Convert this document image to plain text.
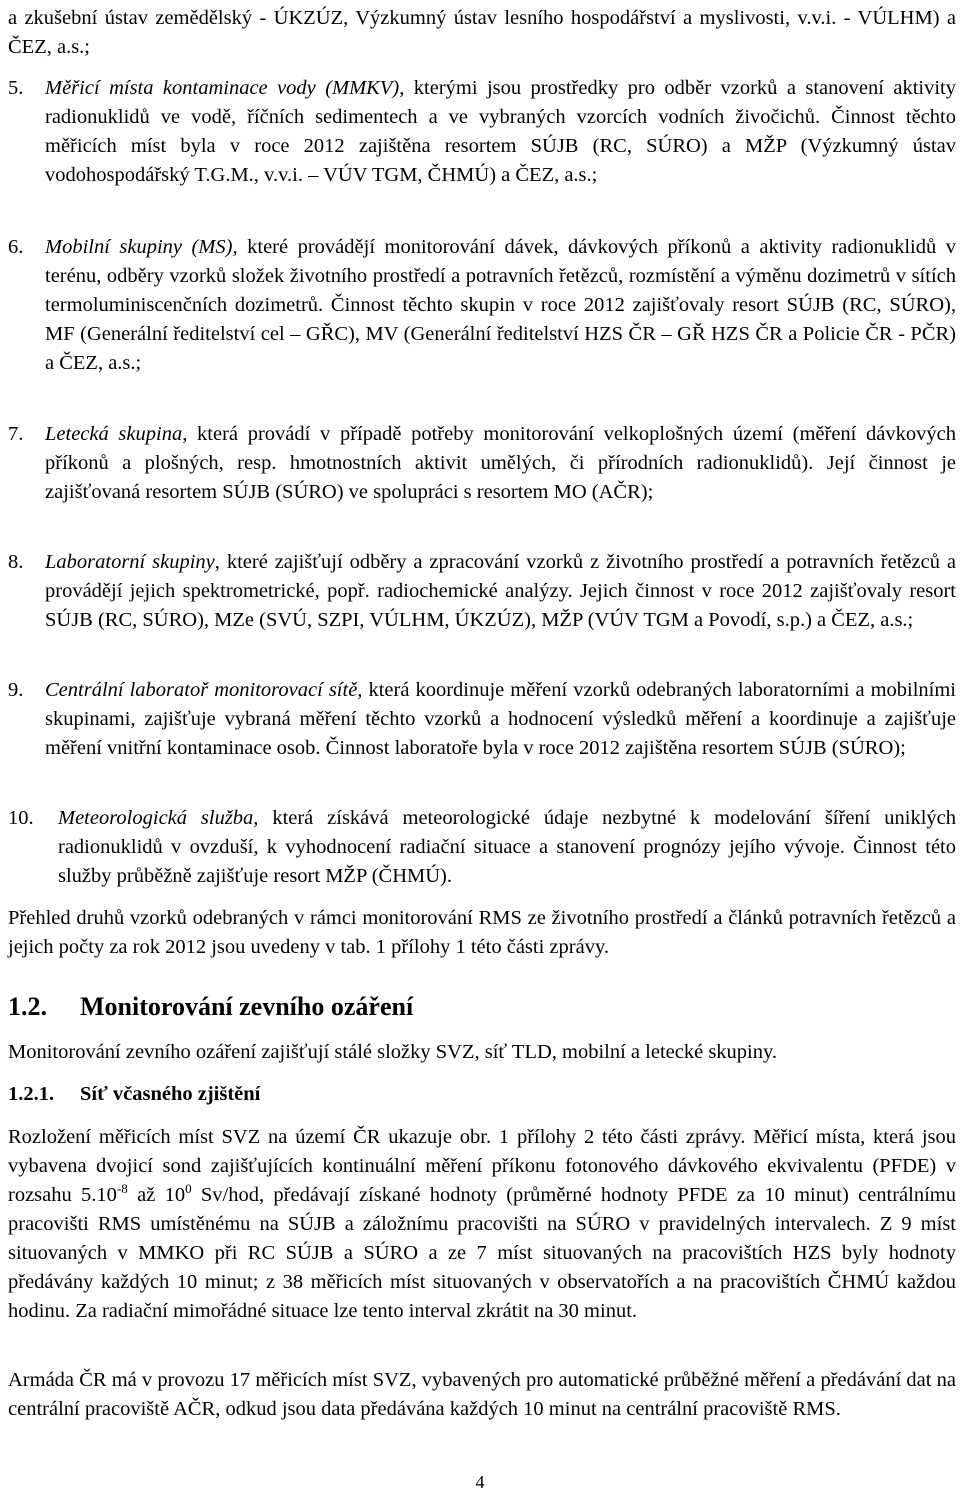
a zkušební ústav zemědělský - ÚKZÚZ, Výzkumný ústav lesního hospodářství a myslivosti, v.v.i. - VÚLHM) a ČEZ, a.s.;

5. Měřicí místa kontaminace vody (MMKV), kterými jsou prostředky pro odběr vzorků a stanovení aktivity radionuklidů ve vodě, říčních sedimentech a ve vybraných vzorcích vodních živočichů. Činnost těchto měřicích míst byla v roce 2012 zajištěna resortem SÚJB (RC, SÚRO) a MŽP (Výzkumný ústav vodohospodářský T.G.M., v.v.i. – VÚV TGM, ČHMÚ) a ČEZ, a.s.;
6. Mobilní skupiny (MS), které provádějí monitorování dávek, dávkových příkonů a aktivity radionuklidů v terénu, odběry vzorků složek životního prostředí a potravních řetězců, rozmístění a výměnu dozimetrů v sítích termoluminiscenčních dozimetrů. Činnost těchto skupin v roce 2012 zajišťovaly resort SÚJB (RC, SÚRO), MF (Generální ředitelství cel – GŘC), MV (Generální ředitelství HZS ČR – GŘ HZS ČR a Policie ČR - PČR) a ČEZ, a.s.;
7. Letecká skupina, která provádí v případě potřeby monitorování velkoplošných území (měření dávkových příkonů a plošných, resp. hmotnostních aktivit umělých, či přírodních radionuklidů). Její činnost je zajišťovaná resortem SÚJB (SÚRO) ve spolupráci s resortem MO (AČR);
8. Laboratorní skupiny, které zajišťují odběry a zpracování vzorků z životního prostředí a potravních řetězců a provádějí jejich spektrometrické, popř. radiochemické analýzy. Jejich činnost v roce 2012 zajišťovaly resort SÚJB (RC, SÚRO), MZe (SVÚ, SZPI, VÚLHM, ÚKZÚZ), MŽP (VÚV TGM a Povodí, s.p.) a ČEZ, a.s.;
9. Centrální laboratoř monitorovací sítě, která koordinuje měření vzorků odebraných laboratorními a mobilními skupinami, zajišťuje vybraná měření těchto vzorků a hodnocení výsledků měření a koordinuje a zajišťuje měření vnitřní kontaminace osob. Činnost laboratoře byla v roce 2012 zajištěna resortem SÚJB (SÚRO);
10. Meteorologická služba, která získává meteorologické údaje nezbytné k modelování šíření uniklých radionuklidů v ovzduší, k vyhodnocení radiační situace a stanovení prognózy jejího vývoje. Činnost této služby průběžně zajišťuje resort MŽP (ČHMÚ).

Přehled druhů vzorků odebraných v rámci monitorování RMS ze životního prostředí a článků potravních řetězců a jejich počty za rok 2012 jsou uvedeny v tab. 1 přílohy 1 této části zprávy.

1.2. Monitorování zevního ozáření

Monitorování zevního ozáření zajišťují stálé složky SVZ, síť TLD, mobilní a letecké skupiny.

1.2.1. Síť včasného zjištění

Rozložení měřicích míst SVZ na území ČR ukazuje obr. 1 přílohy 2 této části zprávy. Měřicí místa, která jsou vybavena dvojicí sond zajišťujících kontinuální měření příkonu fotonového dávkového ekvivalentu (PFDE) v rozsahu $5.10^{-8}$ až $10^0$ Sv/hod, předávají získané hodnoty (průměrné hodnoty PFDE za 10 minut) centrálnímu pracovišti RMS umístěnému na SÚJB a záložnímu pracovišti na SÚRO v pravidelných intervalech. Z 9 míst situovaných v MMKO při RC SÚJB a SÚRO a ze 7 míst situovaných na pracovištích HZS byly hodnoty předávány každých 10 minut; z 38 měřicích míst situovaných v observatořích a na pracovištích ČHMÚ každou hodinu. Za radiační mimořádné situace lze tento interval zkrátit na 30 minut.

Armáda ČR má v provozu 17 měřicích míst SVZ, vybavených pro automatické průběžné měření a předávání dat na centrální pracoviště AČR, odkud jsou data předávána každých 10 minut na centrální pracoviště RMS.

4
